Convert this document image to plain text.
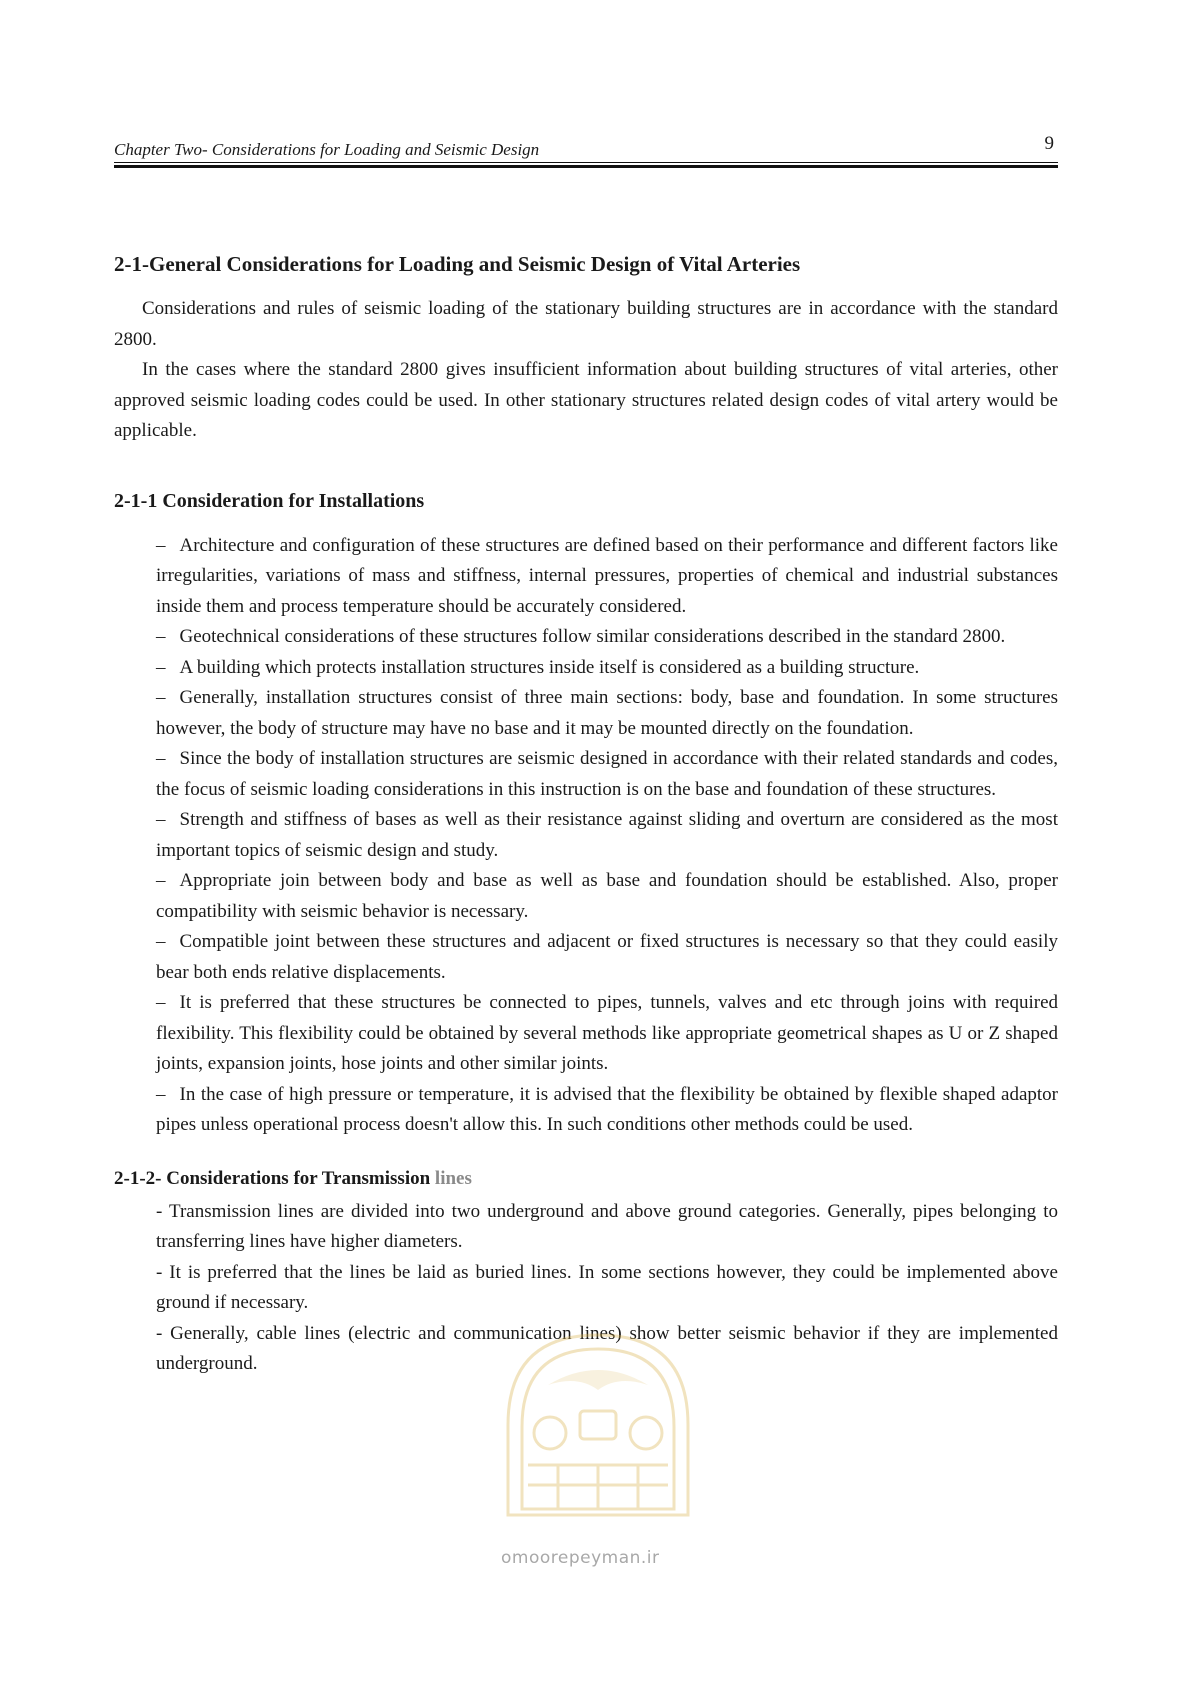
Chapter Two- Considerations for Loading and Seismic Design	9
2-1-General Considerations for Loading and Seismic Design of Vital Arteries

Considerations and rules of seismic loading of the stationary building structures are in accordance with the standard 2800.

In the cases where the standard 2800 gives insufficient information about building structures of vital arteries, other approved seismic loading codes could be used. In other stationary structures related design codes of vital artery would be applicable.

2-1-1 Consideration for Installations
– Architecture and configuration of these structures are defined based on their performance and different factors like irregularities, variations of mass and stiffness, internal pressures, properties of chemical and industrial substances inside them and process temperature should be accurately considered.
– Geotechnical considerations of these structures follow similar considerations described in the standard 2800.
– A building which protects installation structures inside itself is considered as a building structure.
– Generally, installation structures consist of three main sections: body, base and foundation. In some structures however, the body of structure may have no base and it may be mounted directly on the foundation.
– Since the body of installation structures are seismic designed in accordance with their related standards and codes, the focus of seismic loading considerations in this instruction is on the base and foundation of these structures.
– Strength and stiffness of bases as well as their resistance against sliding and overturn are considered as the most important topics of seismic design and study.
– Appropriate join between body and base as well as base and foundation should be established. Also, proper compatibility with seismic behavior is necessary.
– Compatible joint between these structures and adjacent or fixed structures is necessary so that they could easily bear both ends relative displacements.
– It is preferred that these structures be connected to pipes, tunnels, valves and etc through joins with required flexibility. This flexibility could be obtained by several methods like appropriate geometrical shapes as U or Z shaped joints, expansion joints, hose joints and other similar joints.
– In the case of high pressure or temperature, it is advised that the flexibility be obtained by flexible shaped adaptor pipes unless operational process doesn't allow this. In such conditions other methods could be used.
2-1-2- Considerations for Transmission lines
- Transmission lines are divided into two underground and above ground categories. Generally, pipes belonging to transferring lines have higher diameters.
- It is preferred that the lines be laid as buried lines. In some sections however, they could be implemented above ground if necessary.
- Generally, cable lines (electric and communication lines) show better seismic behavior if they are implemented underground.
omoorepeyman.ir
